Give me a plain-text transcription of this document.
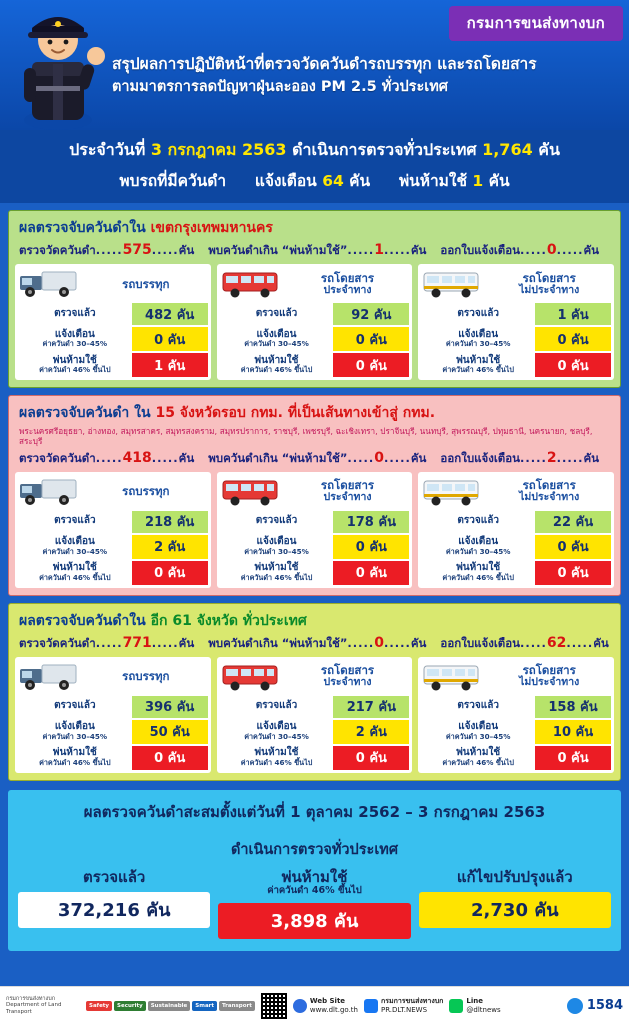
กรมการขนส่งทางบก
สรุปผลการปฏิบัติหน้าที่ตรวจวัดควันดำรถบรรทุก และรถโดยสาร
ตามมาตรการลดปัญหาฝุ่นละออง PM 2.5 ทั่วประเทศ
ประจำวันที่ 3 กรกฎาคม 2563 ดำเนินการตรวจทั่วประเทศ 1,764 คัน
พบรถที่มีควันดำ แจ้งเตือน 64 คัน พ่นห้ามใช้ 1 คัน
ผลตรวจจับควันดำใน เขตกรุงเทพมหานคร
ตรวจวัดควันดำ.....575.....คัน พบควันดำเกิน “พ่นห้ามใช้”.....1.....คัน ออกใบแจ้งเตือน.....0.....คัน
รถบรรทุก
ตรวจแล้ว	482 คัน
แจ้งเตือน
ค่าควันดำ 30–45%	0 คัน
พ่นห้ามใช้
ค่าควันดำ 46% ขึ้นไป	1 คัน
รถโดยสาร
ประจำทาง
ตรวจแล้ว	92 คัน
แจ้งเตือน
ค่าควันดำ 30–45%	0 คัน
พ่นห้ามใช้
ค่าควันดำ 46% ขึ้นไป	0 คัน
รถโดยสาร
ไม่ประจำทาง
ตรวจแล้ว	1 คัน
แจ้งเตือน
ค่าควันดำ 30–45%	0 คัน
พ่นห้ามใช้
ค่าควันดำ 46% ขึ้นไป	0 คัน
ผลตรวจจับควันดำ ใน 15 จังหวัดรอบ กทม. ที่เป็นเส้นทางเข้าสู่ กทม.
พระนครศรีอยุธยา, อ่างทอง, สมุทรสาคร, สมุทรสงคราม, สมุทรปราการ, ราชบุรี, เพชรบุรี, ฉะเชิงเทรา, ปราจีนบุรี, นนทบุรี, สุพรรณบุรี, ปทุมธานี, นครนายก, ชลบุรี, สระบุรี
ตรวจวัดควันดำ.....418.....คัน พบควันดำเกิน “พ่นห้ามใช้”.....0.....คัน ออกใบแจ้งเตือน.....2.....คัน
รถบรรทุก
ตรวจแล้ว	218 คัน
แจ้งเตือน
ค่าควันดำ 30–45%	2 คัน
พ่นห้ามใช้
ค่าควันดำ 46% ขึ้นไป	0 คัน
รถโดยสาร
ประจำทาง
ตรวจแล้ว	178 คัน
แจ้งเตือน
ค่าควันดำ 30–45%	0 คัน
พ่นห้ามใช้
ค่าควันดำ 46% ขึ้นไป	0 คัน
รถโดยสาร
ไม่ประจำทาง
ตรวจแล้ว	22 คัน
แจ้งเตือน
ค่าควันดำ 30–45%	0 คัน
พ่นห้ามใช้
ค่าควันดำ 46% ขึ้นไป	0 คัน
ผลตรวจจับควันดำใน อีก 61 จังหวัด ทั่วประเทศ
ตรวจวัดควันดำ.....771.....คัน พบควันดำเกิน “พ่นห้ามใช้”.....0.....คัน ออกใบแจ้งเตือน.....62.....คัน
รถบรรทุก
ตรวจแล้ว	396 คัน
แจ้งเตือน
ค่าควันดำ 30–45%	50 คัน
พ่นห้ามใช้
ค่าควันดำ 46% ขึ้นไป	0 คัน
รถโดยสาร
ประจำทาง
ตรวจแล้ว	217 คัน
แจ้งเตือน
ค่าควันดำ 30–45%	2 คัน
พ่นห้ามใช้
ค่าควันดำ 46% ขึ้นไป	0 คัน
รถโดยสาร
ไม่ประจำทาง
ตรวจแล้ว	158 คัน
แจ้งเตือน
ค่าควันดำ 30–45%	10 คัน
พ่นห้ามใช้
ค่าควันดำ 46% ขึ้นไป	0 คัน
ผลตรวจควันดำสะสมตั้งแต่วันที่ 1 ตุลาคม 2562 – 3 กรกฎาคม 2563
ดำเนินการตรวจทั่วประเทศ
ตรวจแล้ว
372,216 คัน
พ่นห้ามใช้
ค่าควันดำ 46% ขึ้นไป
3,898 คัน
แก้ไขปรับปรุงแล้ว
2,730 คัน
กรมการขนส่งทางบก Department of Land Transport
Safety	Security	Sustainable	Smart	Transport
Web Site
www.dlt.go.th
กรมการขนส่งทางบก
PR.DLT.NEWS
Line
@dltnews	1584
